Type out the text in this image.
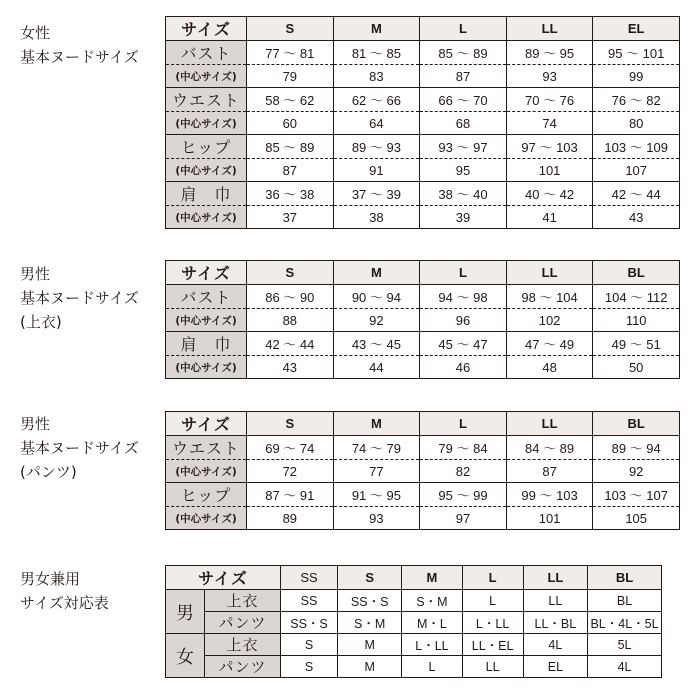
女性
基本ヌードサイズ
サイズ	S	M	L	LL	EL
バスト	77 ～ 81	81 ～ 85	85 ～ 89	89 ～ 95	95 ～ 101
(中心サイズ)	79	83	87	93	99
ウエスト	58 ～ 62	62 ～ 66	66 ～ 70	70 ～ 76	76 ～ 82
(中心サイズ)	60	64	68	74	80
ヒップ	85 ～ 89	89 ～ 93	93 ～ 97	97 ～ 103	103 ～ 109
(中心サイズ)	87	91	95	101	107
肩　巾	36 ～ 38	37 ～ 39	38 ～ 40	40 ～ 42	42 ～ 44
(中心サイズ)	37	38	39	41	43
男性
基本ヌードサイズ
(上衣)
サイズ	S	M	L	LL	BL
バスト	86 ～ 90	90 ～ 94	94 ～ 98	98 ～ 104	104 ～ 112
(中心サイズ)	88	92	96	102	110
肩　巾	42 ～ 44	43 ～ 45	45 ～ 47	47 ～ 49	49 ～ 51
(中心サイズ)	43	44	46	48	50
男性
基本ヌードサイズ
(パンツ)
サイズ	S	M	L	LL	BL
ウエスト	69 ～ 74	74 ～ 79	79 ～ 84	84 ～ 89	89 ～ 94
(中心サイズ)	72	77	82	87	92
ヒップ	87 ～ 91	91 ～ 95	95 ～ 99	99 ～ 103	103 ～ 107
(中心サイズ)	89	93	97	101	105
男女兼用
サイズ対応表
サイズ		SS	S	M	L	LL	BL
男	上衣	SS	SS・S	S・M	L	LL	BL
	パンツ	SS・S	S・M	M・L	L・LL	LL・BL	BL・4L・5L
女	上衣	S	M	L・LL	LL・EL	4L	5L
	パンツ	S	M	L	LL	EL	4L
